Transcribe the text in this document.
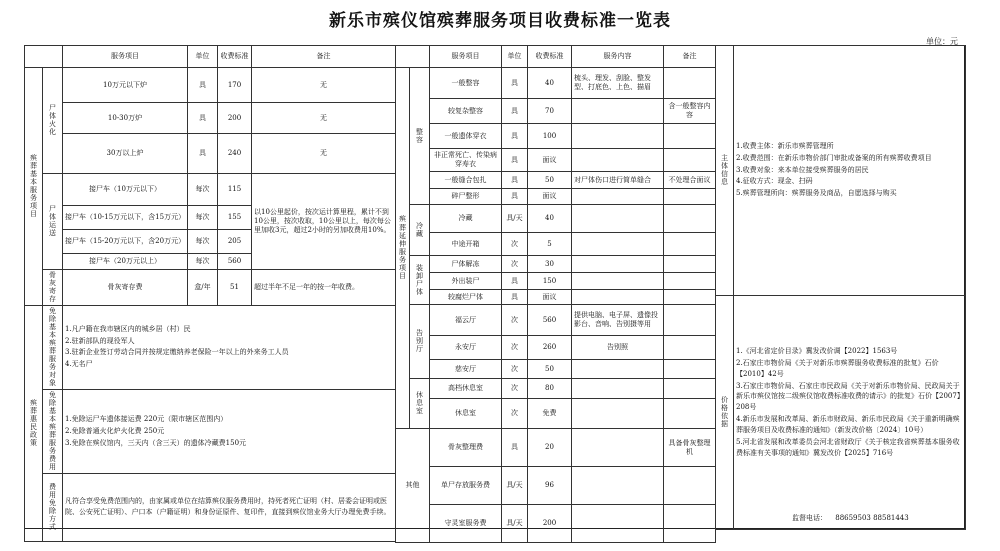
新乐市殡仪馆殡葬服务项目收费标准一览表
单位：元
		服务项目	单位	收费标准	备注
殡葬基本服务项目	尸体火化	10万元以下炉	具	170	无
		10-30万炉	具	200	无
		30万以上炉	具	240	无
	尸体运送	接尸车（10万元以下）	每次	115	以10公里起价，按次运计算里程，累计不到10公里，按次收取，10公里以上，每次每公里加收3元，超过2小时的另加收费用10%。
		接尸车（10-15万元以下，含15万元）	每次	155	
		接尸车（15-20万元以下，含20万元）	每次	205	
		接尸车（20万元以上）	每次	560	
	骨灰寄存	骨灰寄存费	盒/年	51	超过半年不足一年的按一年收费。
殡葬惠民政策	免除基本殡葬服务对象	1.凡户籍在我市辖区内的城乡居（村）民
2.驻新部队的现役军人
3.驻新企业签订劳动合同并按规定缴纳养老保险一年以上的外来务工人员
4.无名尸			

	免除基本殡葬服务费用	1.免除运尸车遗体接运费 220元（限市辖区范围内）
2.免除普通火化炉火化费 250元
3.免除在殡仪馆内，三天内（含三天）的遗体冷藏费150元			

	费用免除方式	凡符合享受免费范围内的，由家属或单位在结算殡仪服务费用时，持死者死亡证明（村、居委会证明或医院、公安死亡证明）、户口本（户籍证明）和身份证原件、复印件，直接到殡仪馆业务大厅办理免费手续。			
		服务项目	单位	收费标准	服务内容	备注
殡葬延伸服务项目	整容	一般整容	具	40	梳头、理发、刮脸、整发型、打底色、上色、描眉	
		较复杂整容	具	70		含一般整容内容
		一般遗体穿衣	具	100		
		非正常死亡、传染病穿寿衣	具	面议		
		一般缝合包扎	具	50	对尸体伤口进行简单缝合	不处理合面议
		碎尸整形	具	面议		
	冷藏	冷藏	具/天	40		
		中途开箱	次	5		
	装卸尸体	尸体解冻	次	30		
		外出装尸	具	150		
		较腐烂尸体	具	面议		
	告别厅	福云厅	次	560	提供电脑、电子屏、遗像投影台、音响、告别摄等用	
		永安厅	次	260	告别照	
		慈安厅	次	50		
	休息室	高档休息室	次	80		
		休息室	次	免费		
其他		骨灰整理费	具	20		具备骨灰整理机
		单尸存放服务费	具/天	96		
		守灵室服务费	具/天	200		
主体信息	1.收费主体：新乐市殡葬管理所
2.收费范围：在新乐市物价部门审批或备案的所有殡葬收费项目
3.收费对象：来本单位接受殡葬服务的居民
4.征收方式：现金、扫码
5.殡葬管理所向：殡葬服务及商品，自愿选择与购买

价格依据	1.《河北省定价目录》冀发改价调【2022】1563号
2.石家庄市物价局《关于对新乐市殡葬服务收费标准的批复》石价【2010】42号
3.石家庄市物价局、石家庄市民政局《关于对新乐市物价局、民政局关于新乐市殡仪馆按二级殡仪馆收费标准收费的请示》的批复》石价【2007】208号
4.新乐市发展和改革局、新乐市财政局、新乐市民政局《关于重新明确殡葬服务项目及收费标准的通知》（新发改价格〔2024〕10号）
5.河北省发展和改革委员会河北省财政厅《关于核定我省殡葬基本服务收费标准有关事项的通知》冀发改价【2025】716号
监督电话： 88659503 88581443
